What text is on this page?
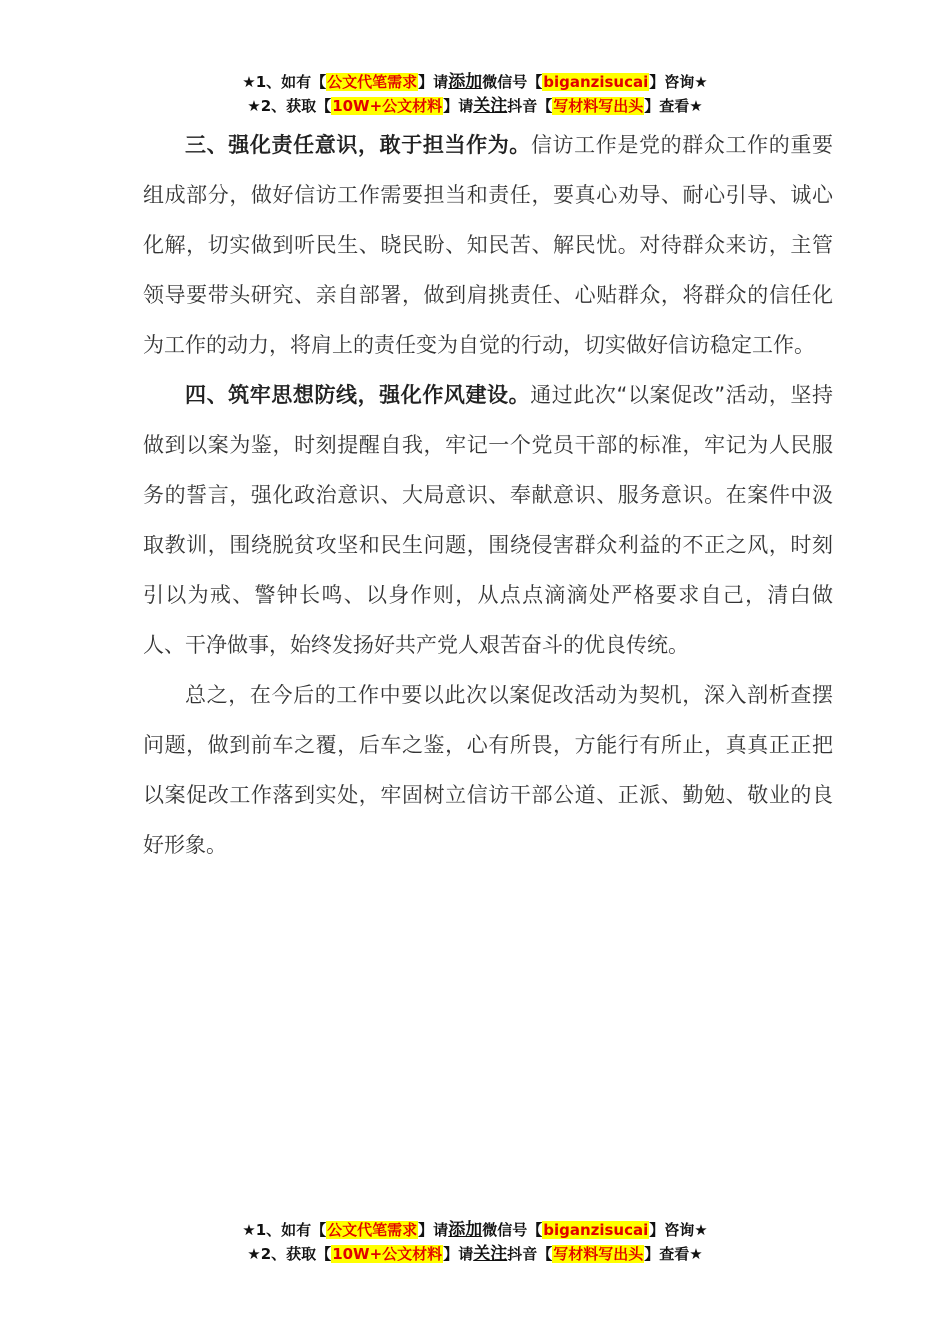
★1、如有【公文代笔需求】请添加微信号【biganzisucai】咨询★
★2、获取【10W+公文材料】请关注抖音【写材料写出头】查看★

三、强化责任意识，敢于担当作为。信访工作是党的群众工作的重要组成部分，做好信访工作需要担当和责任，要真心劝导、耐心引导、诚心化解，切实做到听民生、晓民盼、知民苦、解民忧。对待群众来访，主管领导要带头研究、亲自部署，做到肩挑责任、心贴群众，将群众的信任化为工作的动力，将肩上的责任变为自觉的行动，切实做好信访稳定工作。

四、筑牢思想防线，强化作风建设。通过此次“以案促改”活动，坚持做到以案为鉴，时刻提醒自我，牢记一个党员干部的标准，牢记为人民服务的誓言，强化政治意识、大局意识、奉献意识、服务意识。在案件中汲取教训，围绕脱贫攻坚和民生问题，围绕侵害群众利益的不正之风，时刻引以为戒、警钟长鸣、以身作则，从点点滴滴处严格要求自己，清白做人、干净做事，始终发扬好共产党人艰苦奋斗的优良传统。

总之，在今后的工作中要以此次以案促改活动为契机，深入剖析查摆问题，做到前车之覆，后车之鉴，心有所畏，方能行有所止，真真正正把以案促改工作落到实处，牢固树立信访干部公道、正派、勤勉、敬业的良好形象。

★1、如有【公文代笔需求】请添加微信号【biganzisucai】咨询★
★2、获取【10W+公文材料】请关注抖音【写材料写出头】查看★
